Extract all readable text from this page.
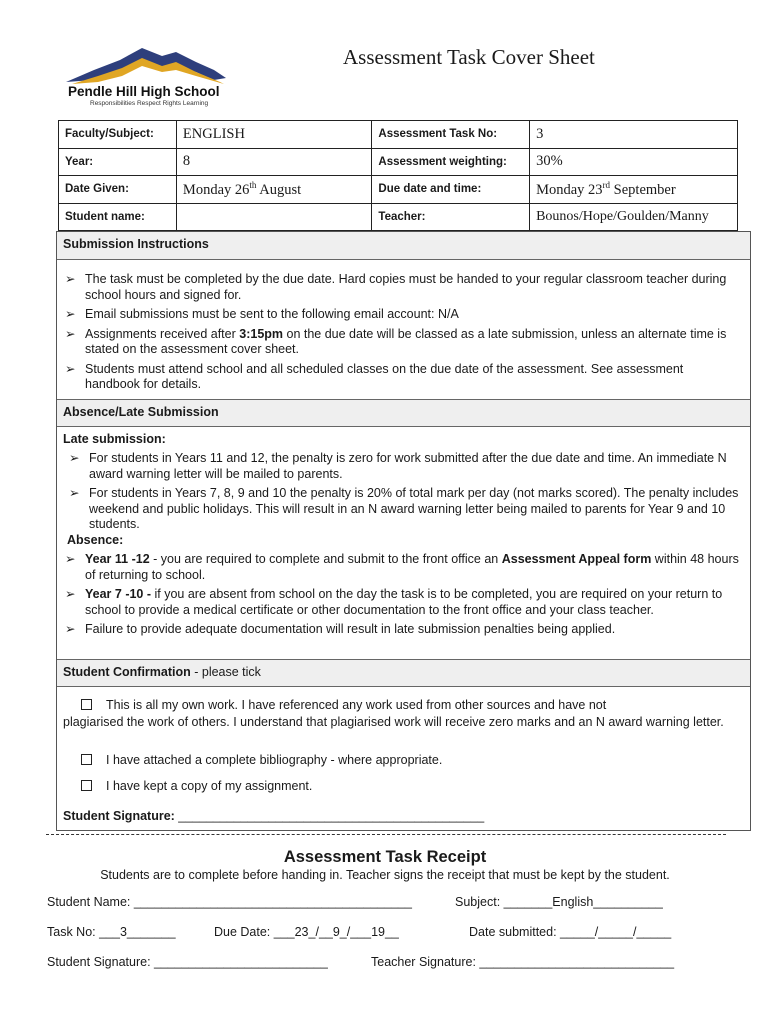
Pendle Hill High School
Responsibilities Respect Rights Learning
Assessment Task Cover Sheet
Faculty/Subject:	ENGLISH	Assessment Task No:	3
Year:	8	Assessment weighting:	30%
Date Given:	Monday 26th August	Due date and time:	Monday 23rd September
Student name:		Teacher:	Bounos/Hope/Goulden/Manny
Submission Instructions
➢ The task must be completed by the due date. Hard copies must be handed to your regular classroom teacher during school hours and signed for.
➢ Email submissions must be sent to the following email account: N/A
➢ Assignments received after 3:15pm on the due date will be classed as a late submission, unless an alternate time is stated on the assessment cover sheet.
➢ Students must attend school and all scheduled classes on the due date of the assessment. See assessment handbook for details.
Absence/Late Submission
Late submission:
➢ For students in Years 11 and 12, the penalty is zero for work submitted after the due date and time. An immediate N award warning letter will be mailed to parents.
➢ For students in Years 7, 8, 9 and 10 the penalty is 20% of total mark per day (not marks scored). The penalty includes weekend and public holidays. This will result in an N award warning letter being mailed to parents for Year 9 and 10 students.
Absence:
➢ Year 11 -12 - you are required to complete and submit to the front office an Assessment Appeal form within 48 hours of returning to school.
➢ Year 7 -10 - if you are absent from school on the day the task is to be completed, you are required on your return to school to provide a medical certificate or other documentation to the front office and your class teacher.
➢ Failure to provide adequate documentation will result in late submission penalties being applied.
Student Confirmation - please tick
This is all my own work. I have referenced any work used from other sources and have not
plagiarised the work of others. I understand that plagiarised work will receive zero marks and an N award warning letter.
I have attached a complete bibliography - where appropriate.
I have kept a copy of my assignment.
Student Signature: ____________________________________________
Assessment Task Receipt
Students are to complete before handing in. Teacher signs the receipt that must be kept by the student.
Student Name: ________________________________________	Subject: _______English__________
Task No: ___3_______	Due Date: ___23_/__9_/___19__	Date submitted: _____/_____/_____
Student Signature: _________________________	Teacher Signature: ____________________________
